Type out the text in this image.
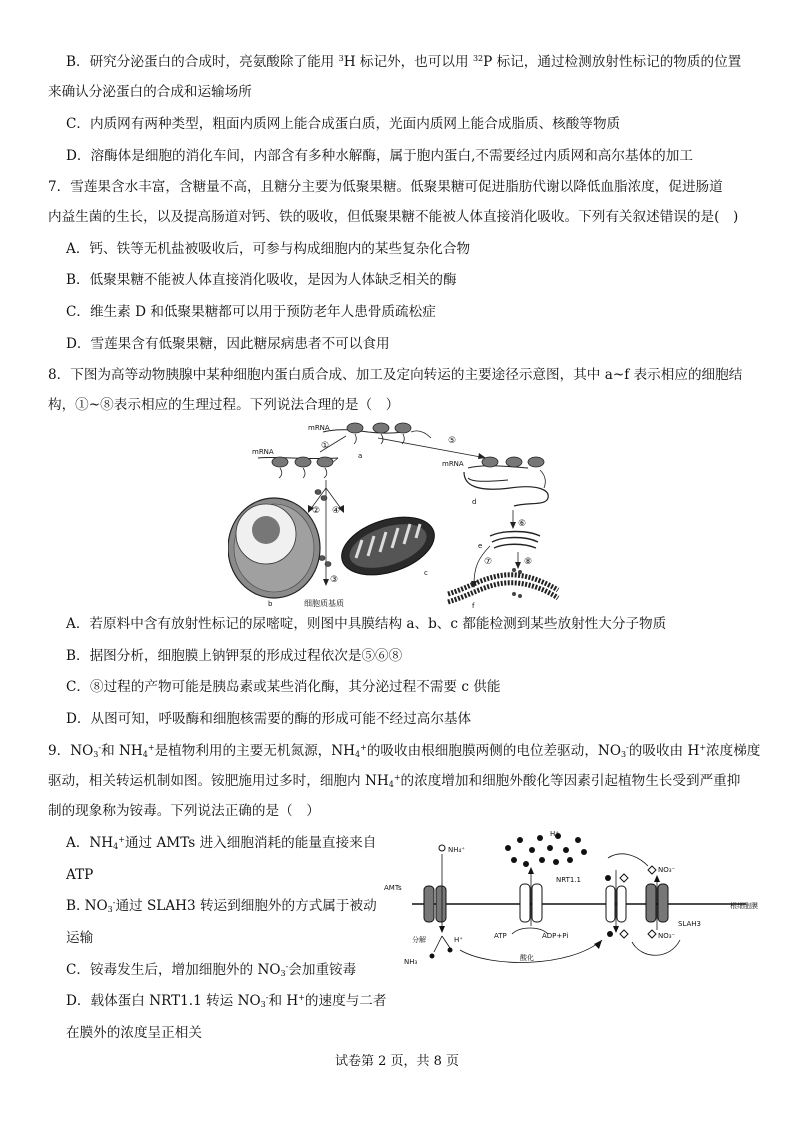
B．研究分泌蛋白的合成时，亮氨酸除了能用 $^3$H 标记外，也可以用 $^{32}$P 标记，通过检测放射性标记的物质的位置
来确认分泌蛋白的合成和运输场所
C．内质网有两种类型，粗面内质网上能合成蛋白质，光面内质网上能合成脂质、核酸等物质
D．溶酶体是细胞的消化车间，内部含有多种水解酶，属于胞内蛋白,不需要经过内质网和高尔基体的加工
7．雪莲果含水丰富，含糖量不高，且糖分主要为低聚果糖。低聚果糖可促进脂肪代谢以降低血脂浓度，促进肠道
内益生菌的生长，以及提高肠道对钙、铁的吸收，但低聚果糖不能被人体直接消化吸收。下列有关叙述错误的是(　)
A．钙、铁等无机盐被吸收后，可参与构成细胞内的某些复杂化合物
B．低聚果糖不能被人体直接消化吸收，是因为人体缺乏相关的酶
C．维生素 D 和低聚果糖都可以用于预防老年人患骨质疏松症
D．雪莲果含有低聚果糖，因此糖尿病患者不可以食用
8．下图为高等动物胰腺中某种细胞内蛋白质合成、加工及定向转运的主要途径示意图，其中 a~f 表示相应的细胞结
构，①~⑧表示相应的生理过程。下列说法合理的是（　）
mRNA
①
a
⑤
mRNA
② ④
③
细胞质基质
b
c
mRNA
d
⑥
e
⑦	⑧
f
A．若原料中含有放射性标记的尿嘧啶，则图中具膜结构 a、b、c 都能检测到某些放射性大分子物质
B．据图分析，细胞膜上钠钾泵的形成过程依次是⑤⑥⑧
C．⑧过程的产物可能是胰岛素或某些消化酶，其分泌过程不需要 c 供能
D．从图可知，呼吸酶和细胞核需要的酶的形成可能不经过高尔基体
9．$NO_3^-$和 $NH_4^+$是植物利用的主要无机氮源，$NH_4^+$的吸收由根细胞膜两侧的电位差驱动，$NO_3^-$的吸收由 H+浓度梯度
驱动，相关转运机制如图。铵肥施用过多时，细胞内 $NH_4^+$的浓度增加和细胞外酸化等因素引起植物生长受到严重抑
制的现象称为铵毒。下列说法正确的是（　）
A．$NH_4^+$通过 AMTs 进入细胞消耗的能量直接来自
ATP
B. $NO_3^-$通过 SLAH3 转运到细胞外的方式属于被动
运输
C．铵毒发生后，增加细胞外的 $NO_3^-$会加重铵毒
D．载体蛋白 NRT1.1 转运 $NO_3^-$和 H+的速度与二者
在膜外的浓度呈正相关
根细胞膜
AMTs
NH₄⁺
分解	H⁺
NH₃
H⁺
ATP	ADP+Pi
酸化
NRT1.1
SLAH3
NO₃⁻
NO₃⁻
试卷第 2 页，共 8 页
